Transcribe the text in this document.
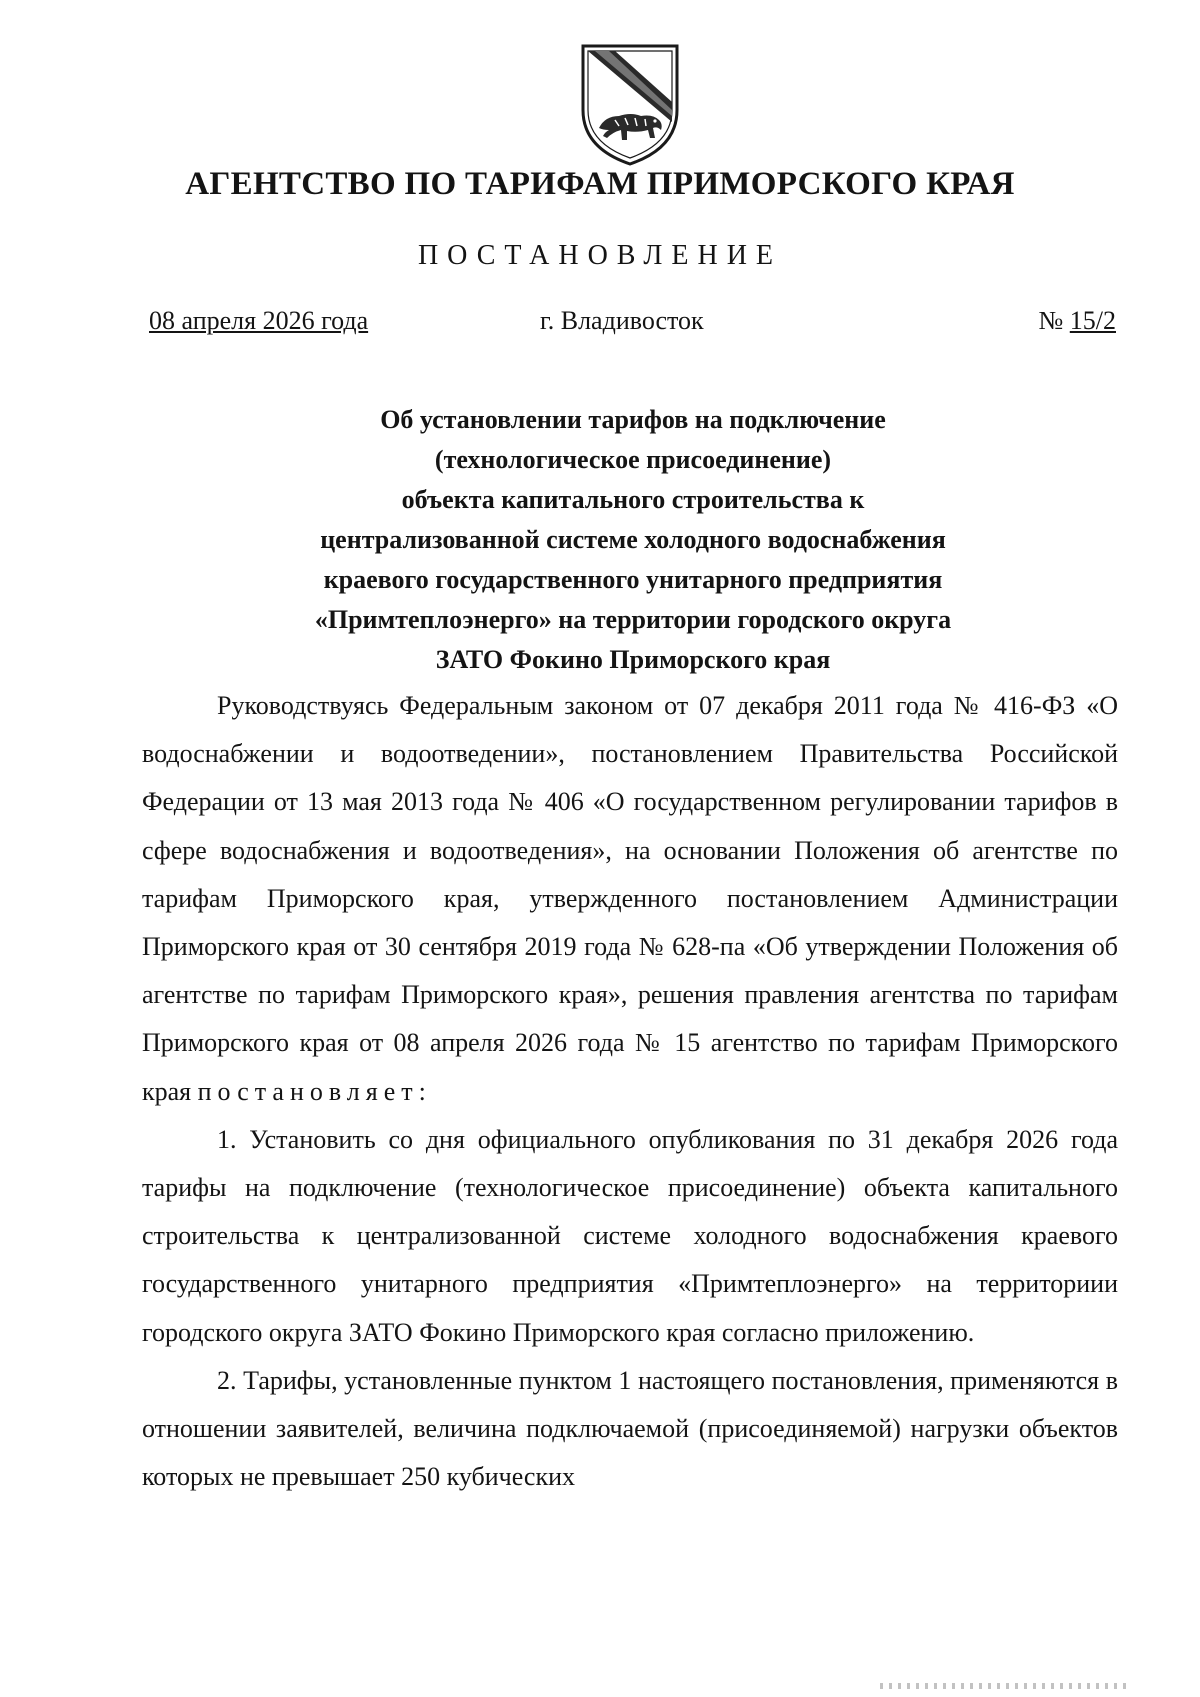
АГЕНТСТВО ПО ТАРИФАМ ПРИМОРСКОГО КРАЯ
ПОСТАНОВЛЕНИЕ
08 апреля 2026 года	г. Владивосток	№ 15/2
Об установлении тарифов на подключение
(технологическое присоединение)
объекта капитального строительства к
централизованной системе холодного водоснабжения
краевого государственного унитарного предприятия
«Примтеплоэнерго» на территории городского округа
ЗАТО Фокино Приморского края

Руководствуясь Федеральным законом от 07 декабря 2011 года № 416-ФЗ «О водоснабжении и водоотведении», постановлением Правительства Российской Федерации от 13 мая 2013 года № 406 «О государственном регулировании тарифов в сфере водоснабжения и водоотведения», на основании Положения об агентстве по тарифам Приморского края, утвержденного постановлением Администрации Приморского края от 30 сентября 2019 года № 628-па «Об утверждении Положения об агентстве по тарифам Приморского края», решения правления агентства по тарифам Приморского края от 08 апреля 2026 года № 15 агентство по тарифам Приморского края постановляет:

1. Установить со дня официального опубликования по 31 декабря 2026 года тарифы на подключение (технологическое присоединение) объекта капитального строительства к централизованной системе холодного водоснабжения краевого государственного унитарного предприятия «Примтеплоэнерго» на территориии городского округа ЗАТО Фокино Приморского края согласно приложению.

2. Тарифы, установленные пунктом 1 настоящего постановления, применяются в отношении заявителей, величина подключаемой (присоединяемой) нагрузки объектов которых не превышает 250 кубических
